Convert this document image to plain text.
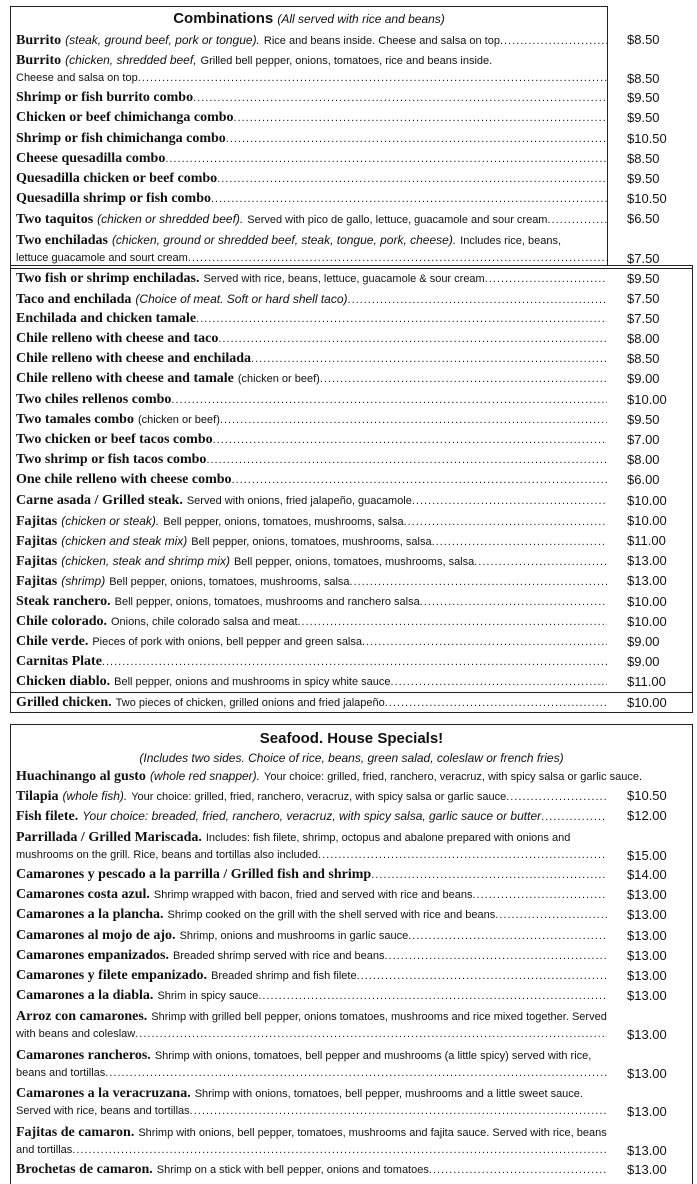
Combinations (All served with rice and beans)
Burrito (steak, ground beef, pork or tongue). Rice and beans inside. Cheese and salsa on top .....	$8.50
Burrito (chicken, shredded beef, Grilled bell pepper, onions, tomatoes, rice and beans inside.
Cheese and salsa on top .....	$8.50
Shrimp or fish burrito combo .....	$9.50
Chicken or beef chimichanga combo .....	$9.50
Shrimp or fish chimichanga combo .....	$10.50
Cheese quesadilla combo .....	$8.50
Quesadilla chicken or beef combo .....	$9.50
Quesadilla shrimp or fish combo .....	$10.50
Two taquitos (chicken or shredded beef). Served with pico de gallo, lettuce, guacamole and sour cream .....	$6.50
Two enchiladas (chicken, ground or shredded beef, steak, tongue, pork, cheese). Includes rice, beans,
lettuce guacamole and sourt cream .....	$7.50
Two fish or shrimp enchiladas. Served with rice, beans, lettuce, guacamole & sour cream .....	$9.50
Taco and enchilada (Choice of meat. Soft or hard shell taco) .....	$7.50
Enchilada and chicken tamale .....	$7.50
Chile relleno with cheese and taco .....	$8.00
Chile relleno with cheese and enchilada .....	$8.50
Chile relleno with cheese and tamale (chicken or beef) .....	$9.00
Two chiles rellenos combo .....	$10.00
Two tamales combo (chicken or beef) .....	$9.50
Two chicken or beef tacos combo .....	$7.00
Two shrimp or fish tacos combo .....	$8.00
One chile relleno with cheese combo .....	$6.00
Carne asada / Grilled steak. Served with onions, fried jalapeño, guacamole .....	$10.00
Fajitas (chicken or steak). Bell pepper, onions, tomatoes, mushrooms, salsa .....	$10.00
Fajitas (chicken and steak mix) Bell pepper, onions, tomatoes, mushrooms, salsa .....	$11.00
Fajitas (chicken, steak and shrimp mix) Bell pepper, onions, tomatoes, mushrooms, salsa .....	$13.00
Fajitas (shrimp) Bell pepper, onions, tomatoes, mushrooms, salsa .....	$13.00
Steak ranchero. Bell pepper, onions, tomatoes, mushrooms and ranchero salsa .....	$10.00
Chile colorado. Onions, chile colorado salsa and meat .....	$10.00
Chile verde. Pieces of pork with onions, bell pepper and green salsa .....	$9.00
Carnitas Plate .....	$9.00
Chicken diablo. Bell pepper, onions and mushrooms in spicy white sauce .....	$11.00
Grilled chicken. Two pieces of chicken, grilled onions and fried jalapeño .....	$10.00
Seafood. House Specials!
(Includes two sides. Choice of rice, beans, green salad, coleslaw or french fries)
Huachinango al gusto (whole red snapper). Your choice: grilled, fried, ranchero, veracruz, with spicy salsa or garlic sauce.
Tilapia (whole fish). Your choice: grilled, fried, ranchero, veracruz, with spicy salsa or garlic sauce .....	$10.50
Fish filete. Your choice: breaded, fried, ranchero, veracruz, with spicy salsa, garlic sauce or butter .....	$12.00
Parrillada / Grilled Mariscada. Includes: fish filete, shrimp, octopus and abalone prepared with onions and
mushrooms on the grill. Rice, beans and tortillas also included .....	$15.00
Camarones y pescado a la parrilla / Grilled fish and shrimp .....	$14.00
Camarones costa azul. Shrimp wrapped with bacon, fried and served with rice and beans .....	$13.00
Camarones a la plancha. Shrimp cooked on the grill with the shell served with rice and beans .....	$13.00
Camarones al mojo de ajo. Shrimp, onions and mushrooms in garlic sauce .....	$13.00
Camarones empanizados. Breaded shrimp served with rice and beans .....	$13.00
Camarones y filete empanizado. Breaded shrimp and fish filete .....	$13.00
Camarones a la diabla. Shrim in spicy sauce .....	$13.00
Arroz con camarones. Shrimp with grilled bell pepper, onions tomatoes, mushrooms and rice mixed together. Served
with beans and coleslaw .....	$13.00
Camarones rancheros. Shrimp with onions, tomatoes, bell pepper and mushrooms (a little spicy) served with rice,
beans and tortillas .....	$13.00
Camarones a la veracruzana. Shrimp with onions, tomatoes, bell pepper, mushrooms and a little sweet sauce.
Served with rice, beans and tortillas .....	$13.00
Fajitas de camaron. Shrimp with onions, bell pepper, tomatoes, mushrooms and fajita sauce. Served with rice, beans
and tortillas .....	$13.00
Brochetas de camaron. Shrimp on a stick with bell pepper, onions and tomatoes .....	$13.00
